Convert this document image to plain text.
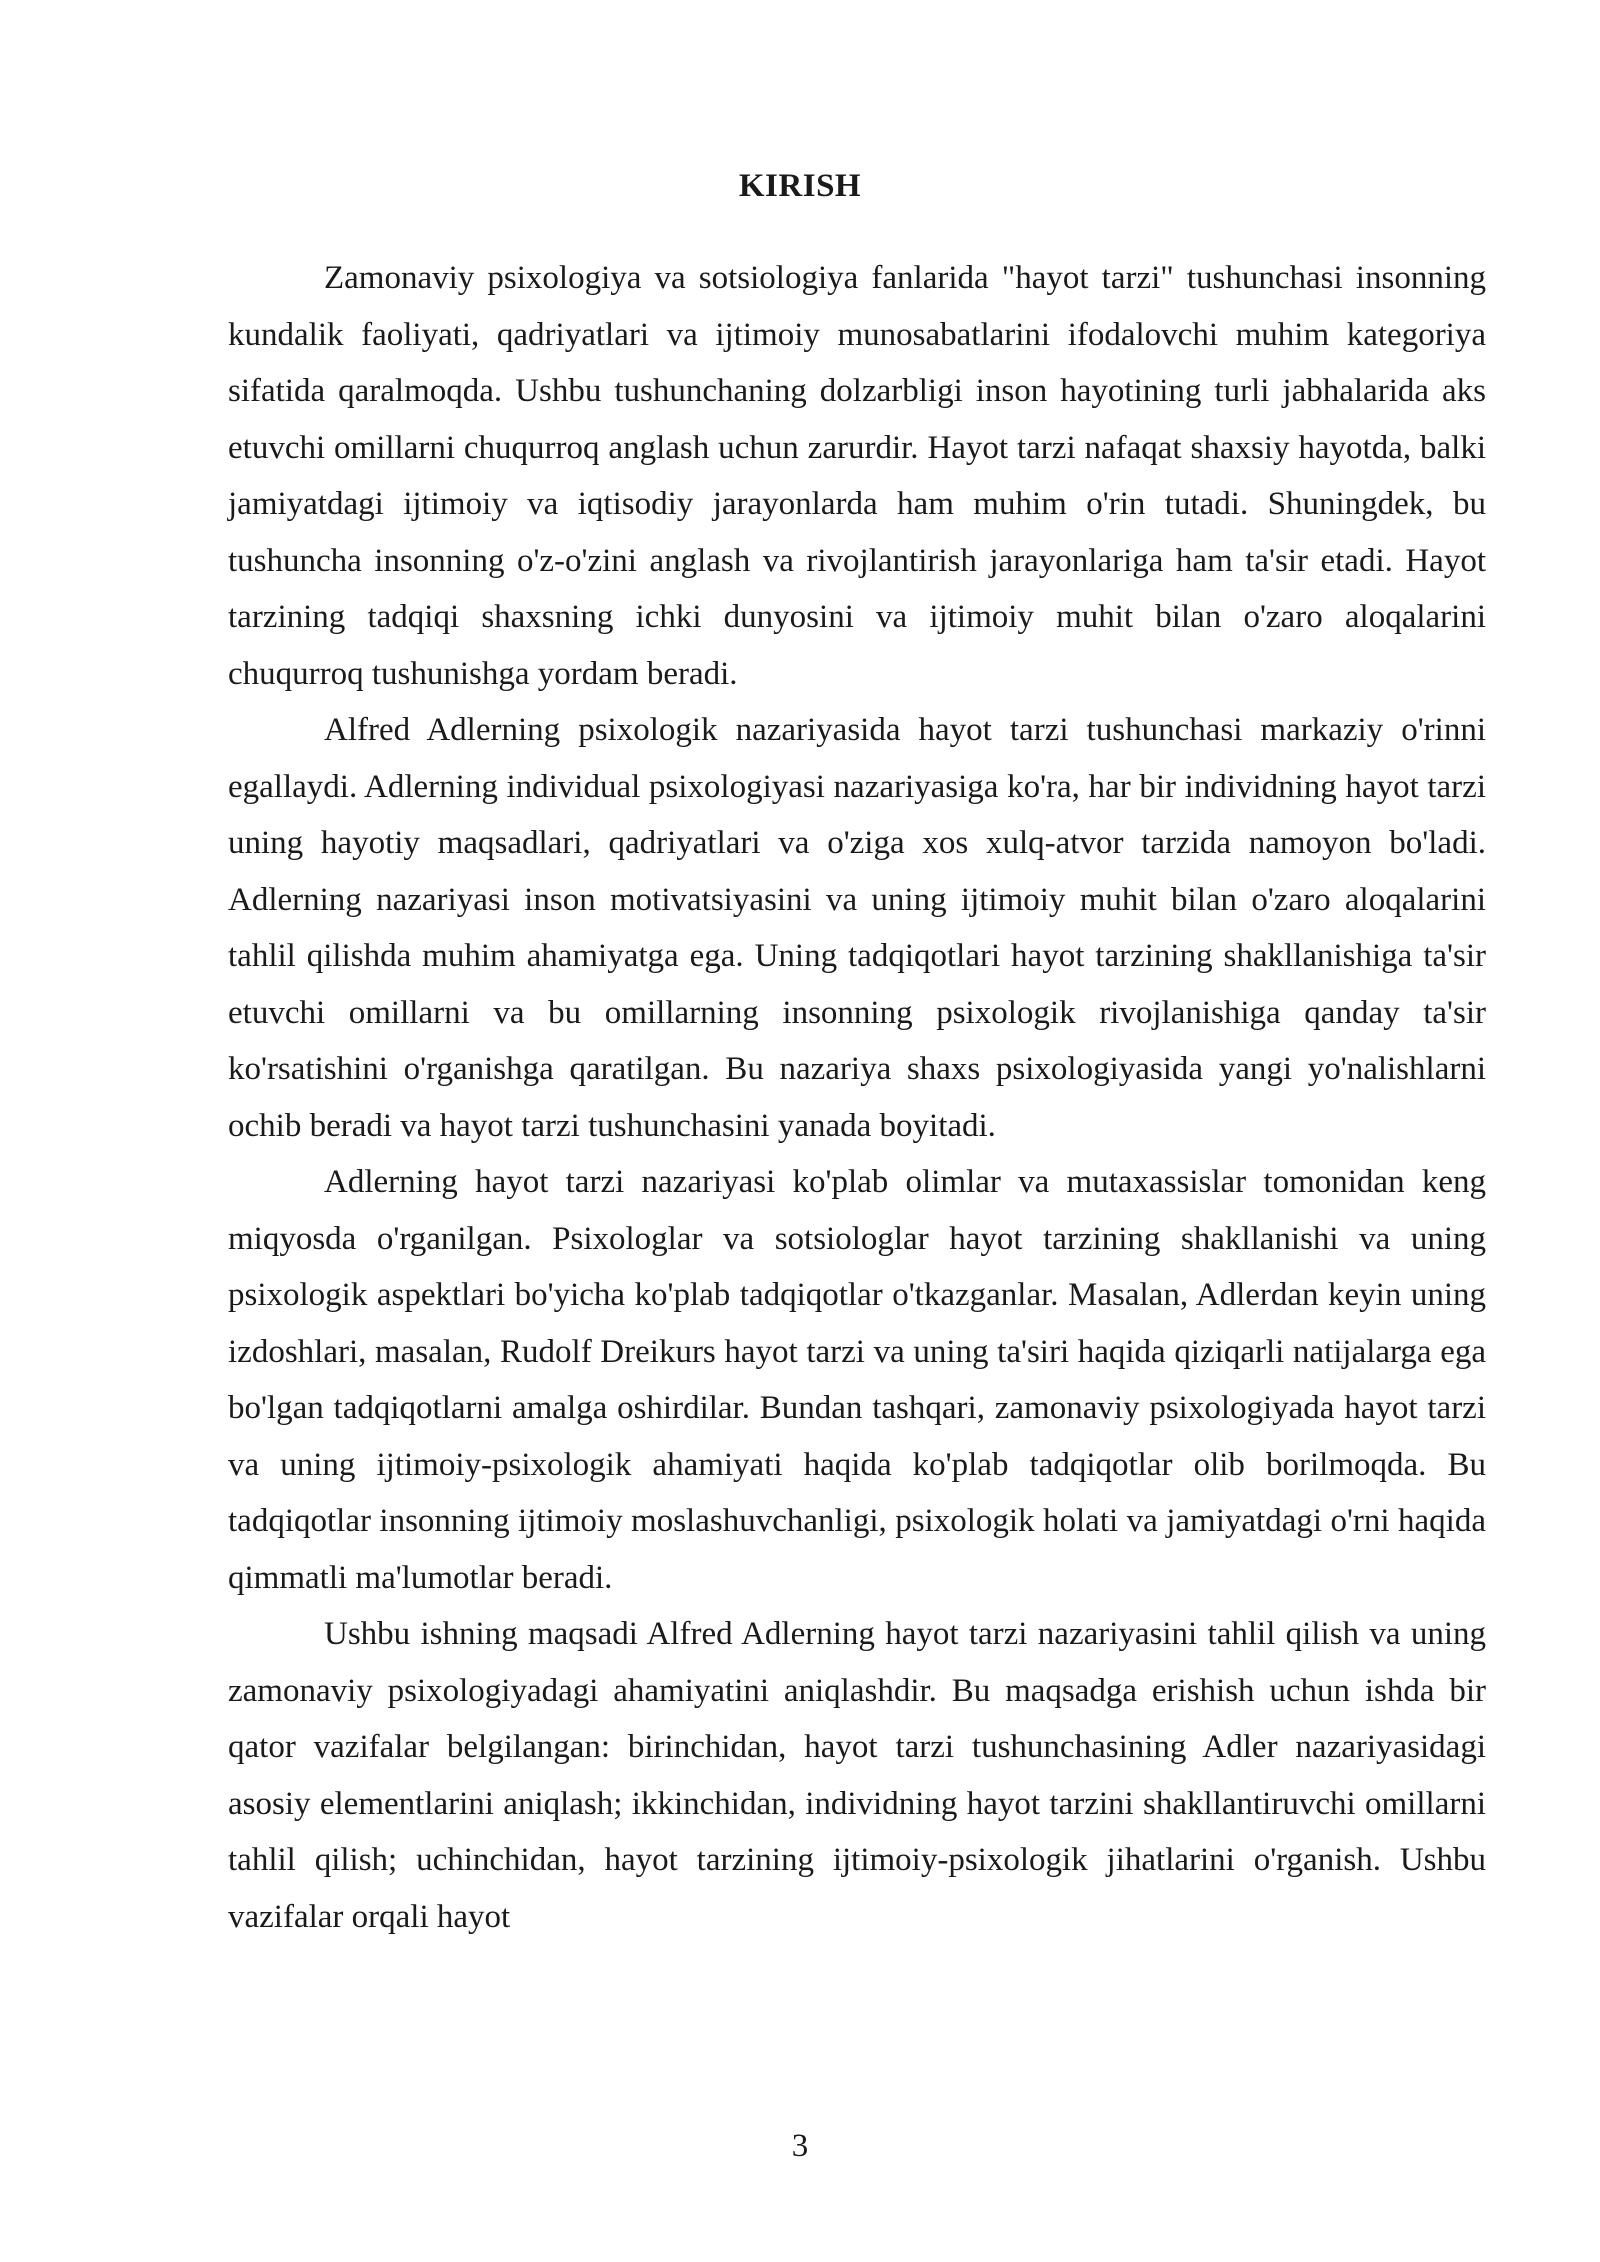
KIRISH

Zamonaviy psixologiya va sotsiologiya fanlarida "hayot tarzi" tushunchasi insonning kundalik faoliyati, qadriyatlari va ijtimoiy munosabatlarini ifodalovchi muhim kategoriya sifatida qaralmoqda. Ushbu tushunchaning dolzarbligi inson hayotining turli jabhalarida aks etuvchi omillarni chuqurroq anglash uchun zarurdir. Hayot tarzi nafaqat shaxsiy hayotda, balki jamiyatdagi ijtimoiy va iqtisodiy jarayonlarda ham muhim o'rin tutadi. Shuningdek, bu tushuncha insonning o'z-o'zini anglash va rivojlantirish jarayonlariga ham ta'sir etadi. Hayot tarzining tadqiqi shaxsning ichki dunyosini va ijtimoiy muhit bilan o'zaro aloqalarini chuqurroq tushunishga yordam beradi.

Alfred Adlerning psixologik nazariyasida hayot tarzi tushunchasi markaziy o'rinni egallaydi. Adlerning individual psixologiyasi nazariyasiga ko'ra, har bir individning hayot tarzi uning hayotiy maqsadlari, qadriyatlari va o'ziga xos xulq-atvor tarzida namoyon bo'ladi. Adlerning nazariyasi inson motivatsiyasini va uning ijtimoiy muhit bilan o'zaro aloqalarini tahlil qilishda muhim ahamiyatga ega. Uning tadqiqotlari hayot tarzining shakllanishiga ta'sir etuvchi omillarni va bu omillarning insonning psixologik rivojlanishiga qanday ta'sir ko'rsatishini o'rganishga qaratilgan. Bu nazariya shaxs psixologiyasida yangi yo'nalishlarni ochib beradi va hayot tarzi tushunchasini yanada boyitadi.

Adlerning hayot tarzi nazariyasi ko'plab olimlar va mutaxassislar tomonidan keng miqyosda o'rganilgan. Psixologlar va sotsiologlar hayot tarzining shakllanishi va uning psixologik aspektlari bo'yicha ko'plab tadqiqotlar o'tkazganlar. Masalan, Adlerdan keyin uning izdoshlari, masalan, Rudolf Dreikurs hayot tarzi va uning ta'siri haqida qiziqarli natijalarga ega bo'lgan tadqiqotlarni amalga oshirdilar. Bundan tashqari, zamonaviy psixologiyada hayot tarzi va uning ijtimoiy-psixologik ahamiyati haqida ko'plab tadqiqotlar olib borilmoqda. Bu tadqiqotlar insonning ijtimoiy moslashuvchanligi, psixologik holati va jamiyatdagi o'rni haqida qimmatli ma'lumotlar beradi.

Ushbu ishning maqsadi Alfred Adlerning hayot tarzi nazariyasini tahlil qilish va uning zamonaviy psixologiyadagi ahamiyatini aniqlashdir. Bu maqsadga erishish uchun ishda bir qator vazifalar belgilangan: birinchidan, hayot tarzi tushunchasining Adler nazariyasidagi asosiy elementlarini aniqlash; ikkinchidan, individning hayot tarzini shakllantiruvchi omillarni tahlil qilish; uchinchidan, hayot tarzining ijtimoiy-psixologik jihatlarini o'rganish. Ushbu vazifalar orqali hayot

3
